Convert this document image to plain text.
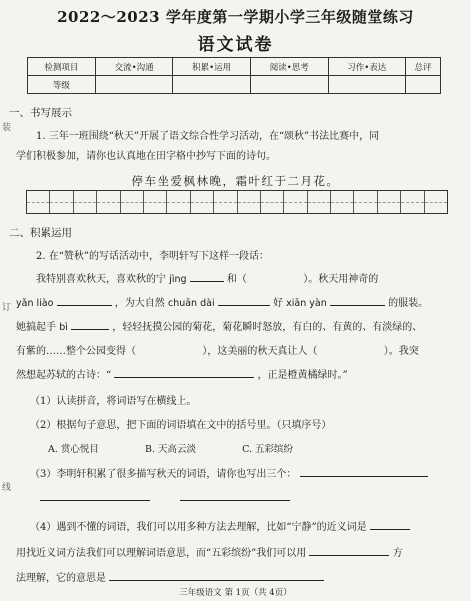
2022～2023 学年度第一学期小学三年级随堂练习
语文试卷
检测项目	交流•沟通	积累•运用	阅读•思考	习作•表达	总评
等级					
装
订
线
一、书写展示
1. 三年一班围绕“秋天”开展了语文综合性学习活动，在“颂秋”书法比赛中，同
学们积极参加，请你也认真地在田字格中抄写下面的诗句。
停车坐爱枫林晚，霜叶红于二月花。
二、积累运用
2. 在“赞秋”的写话活动中，李明轩写下这样一段话：
我特别喜欢秋天，喜欢秋的宁 jìng	和（	）。秋天用神奇的
yǎn liào	，为大自然 chuān dài	好 xiān yàn	的服装。
她搞起手 bì	，轻轻抚摸公园的菊花，菊花瞬时怒放，有白的、有黄的、有淡绿的、
有紫的……整个公园变得（	），这美丽的秋天真让人（	）。我突
然想起苏轼的古诗：“	，正是橙黄橘绿时。”
（1）认读拼音，将词语写在横线上。
（2）根据句子意思，把下面的词语填在文中的括号里。（只填序号）
A. 赏心悦目	B. 天高云淡	C. 五彩缤纷
（3）李明轩积累了很多描写秋天的词语，请你也写出三个：

（4）遇到不懂的词语，我们可以用多种方法去理解，比如“宁静”的近义词是
用找近义词方法我们可以理解词语意思，而“五彩缤纷”我们可以用	方
法理解，它的意思是
三年级语文 第 1页（共 4页）
